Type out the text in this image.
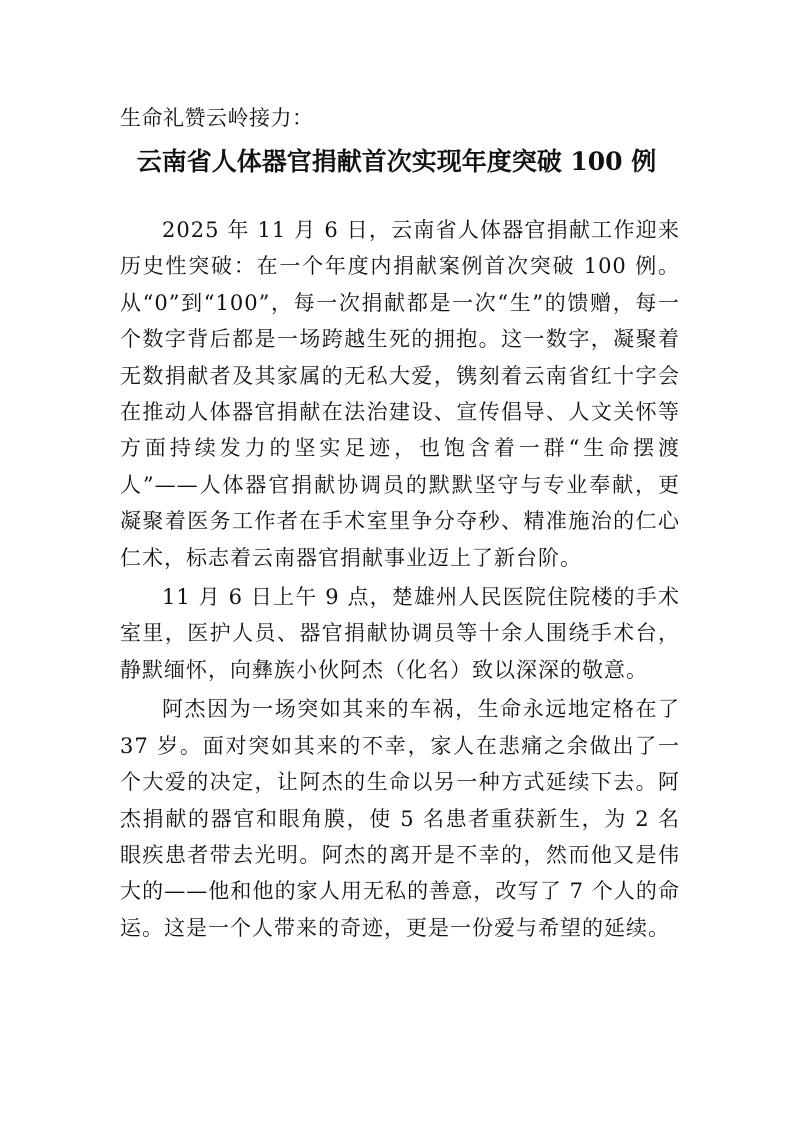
生命礼赞云岭接力：
云南省人体器官捐献首次实现年度突破 100 例

2025 年 11 月 6 日，云南省人体器官捐献工作迎来历史性突破：在一个年度内捐献案例首次突破 100 例。从“0”到“100”，每一次捐献都是一次“生”的馈赠，每一个数字背后都是一场跨越生死的拥抱。这一数字，凝聚着无数捐献者及其家属的无私大爱，镌刻着云南省红十字会在推动人体器官捐献在法治建设、宣传倡导、人文关怀等方面持续发力的坚实足迹，也饱含着一群“生命摆渡人”——人体器官捐献协调员的默默坚守与专业奉献，更凝聚着医务工作者在手术室里争分夺秒、精准施治的仁心仁术，标志着云南器官捐献事业迈上了新台阶。

11 月 6 日上午 9 点，楚雄州人民医院住院楼的手术室里，医护人员、器官捐献协调员等十余人围绕手术台，静默缅怀，向彝族小伙阿杰（化名）致以深深的敬意。

阿杰因为一场突如其来的车祸，生命永远地定格在了 37 岁。面对突如其来的不幸，家人在悲痛之余做出了一个大爱的决定，让阿杰的生命以另一种方式延续下去。阿杰捐献的器官和眼角膜，使 5 名患者重获新生，为 2 名眼疾患者带去光明。阿杰的离开是不幸的，然而他又是伟大的——他和他的家人用无私的善意，改写了 7 个人的命运。这是一个人带来的奇迹，更是一份爱与希望的延续。
